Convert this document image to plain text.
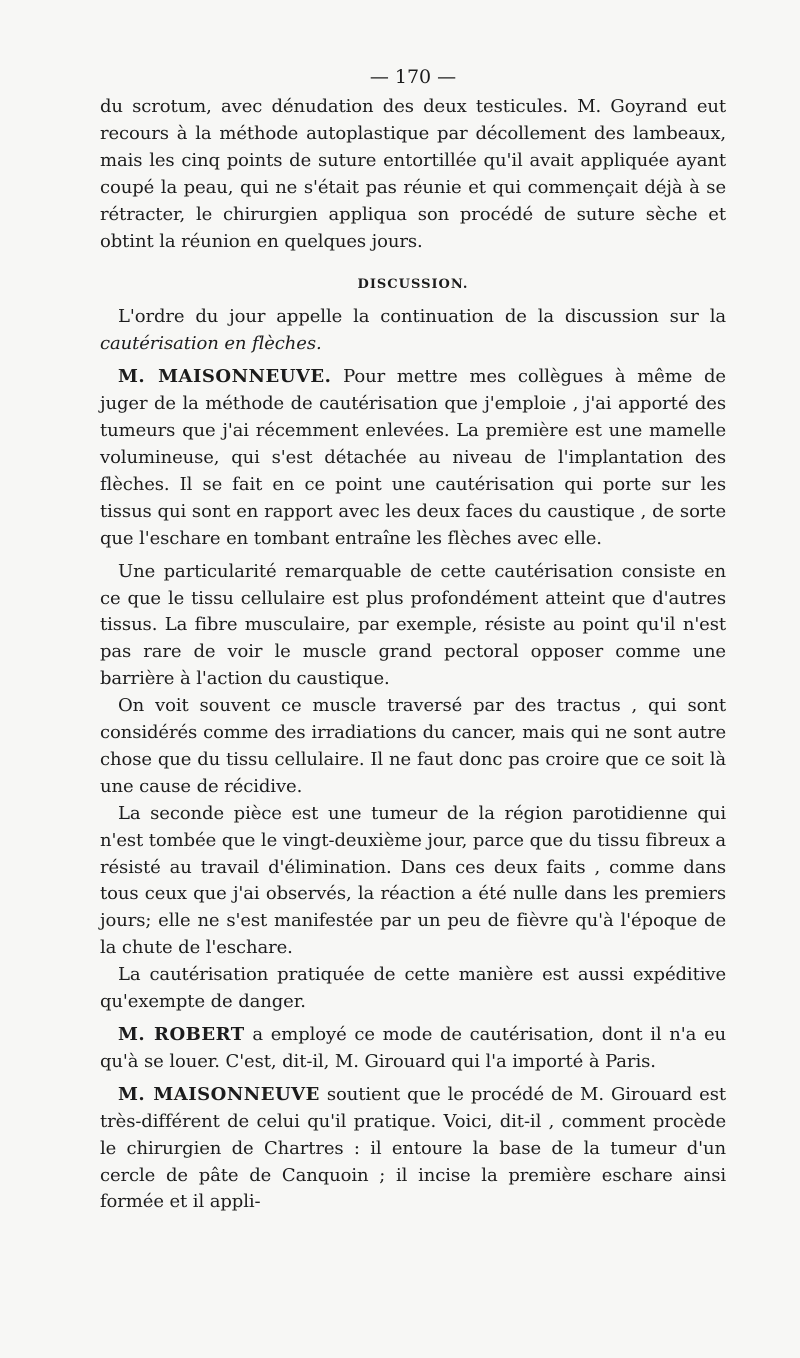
— 170 —

du scrotum, avec dénudation des deux testicules. M. Goyrand eut recours à la méthode autoplastique par décollement des lambeaux, mais les cinq points de suture entortillée qu'il avait appliquée ayant coupé la peau, qui ne s'était pas réunie et qui commençait déjà à se rétracter, le chirurgien appliqua son procédé de suture sèche et obtint la réunion en quelques jours.

DISCUSSION.

L'ordre du jour appelle la continuation de la discussion sur la cautérisation en flèches.

M. MAISONNEUVE. Pour mettre mes collègues à même de juger de la méthode de cautérisation que j'emploie , j'ai apporté des tumeurs que j'ai récemment enlevées. La première est une mamelle volumineuse, qui s'est détachée au niveau de l'implantation des flèches. Il se fait en ce point une cautérisation qui porte sur les tissus qui sont en rapport avec les deux faces du caustique , de sorte que l'eschare en tombant entraîne les flèches avec elle.

Une particularité remarquable de cette cautérisation consiste en ce que le tissu cellulaire est plus profondément atteint que d'autres tissus. La fibre musculaire, par exemple, résiste au point qu'il n'est pas rare de voir le muscle grand pectoral opposer comme une barrière à l'action du caustique.

On voit souvent ce muscle traversé par des tractus , qui sont considérés comme des irradiations du cancer, mais qui ne sont autre chose que du tissu cellulaire. Il ne faut donc pas croire que ce soit là une cause de récidive.

La seconde pièce est une tumeur de la région parotidienne qui n'est tombée que le vingt-deuxième jour, parce que du tissu fibreux a résisté au travail d'élimination. Dans ces deux faits , comme dans tous ceux que j'ai observés, la réaction a été nulle dans les premiers jours; elle ne s'est manifestée par un peu de fièvre qu'à l'époque de la chute de l'eschare.

La cautérisation pratiquée de cette manière est aussi expéditive qu'exempte de danger.

M. ROBERT a employé ce mode de cautérisation, dont il n'a eu qu'à se louer. C'est, dit-il, M. Girouard qui l'a importé à Paris.

M. MAISONNEUVE soutient que le procédé de M. Girouard est très-différent de celui qu'il pratique. Voici, dit-il , comment procède le chirurgien de Chartres : il entoure la base de la tumeur d'un cercle de pâte de Canquoin ; il incise la première eschare ainsi formée et il appli-
